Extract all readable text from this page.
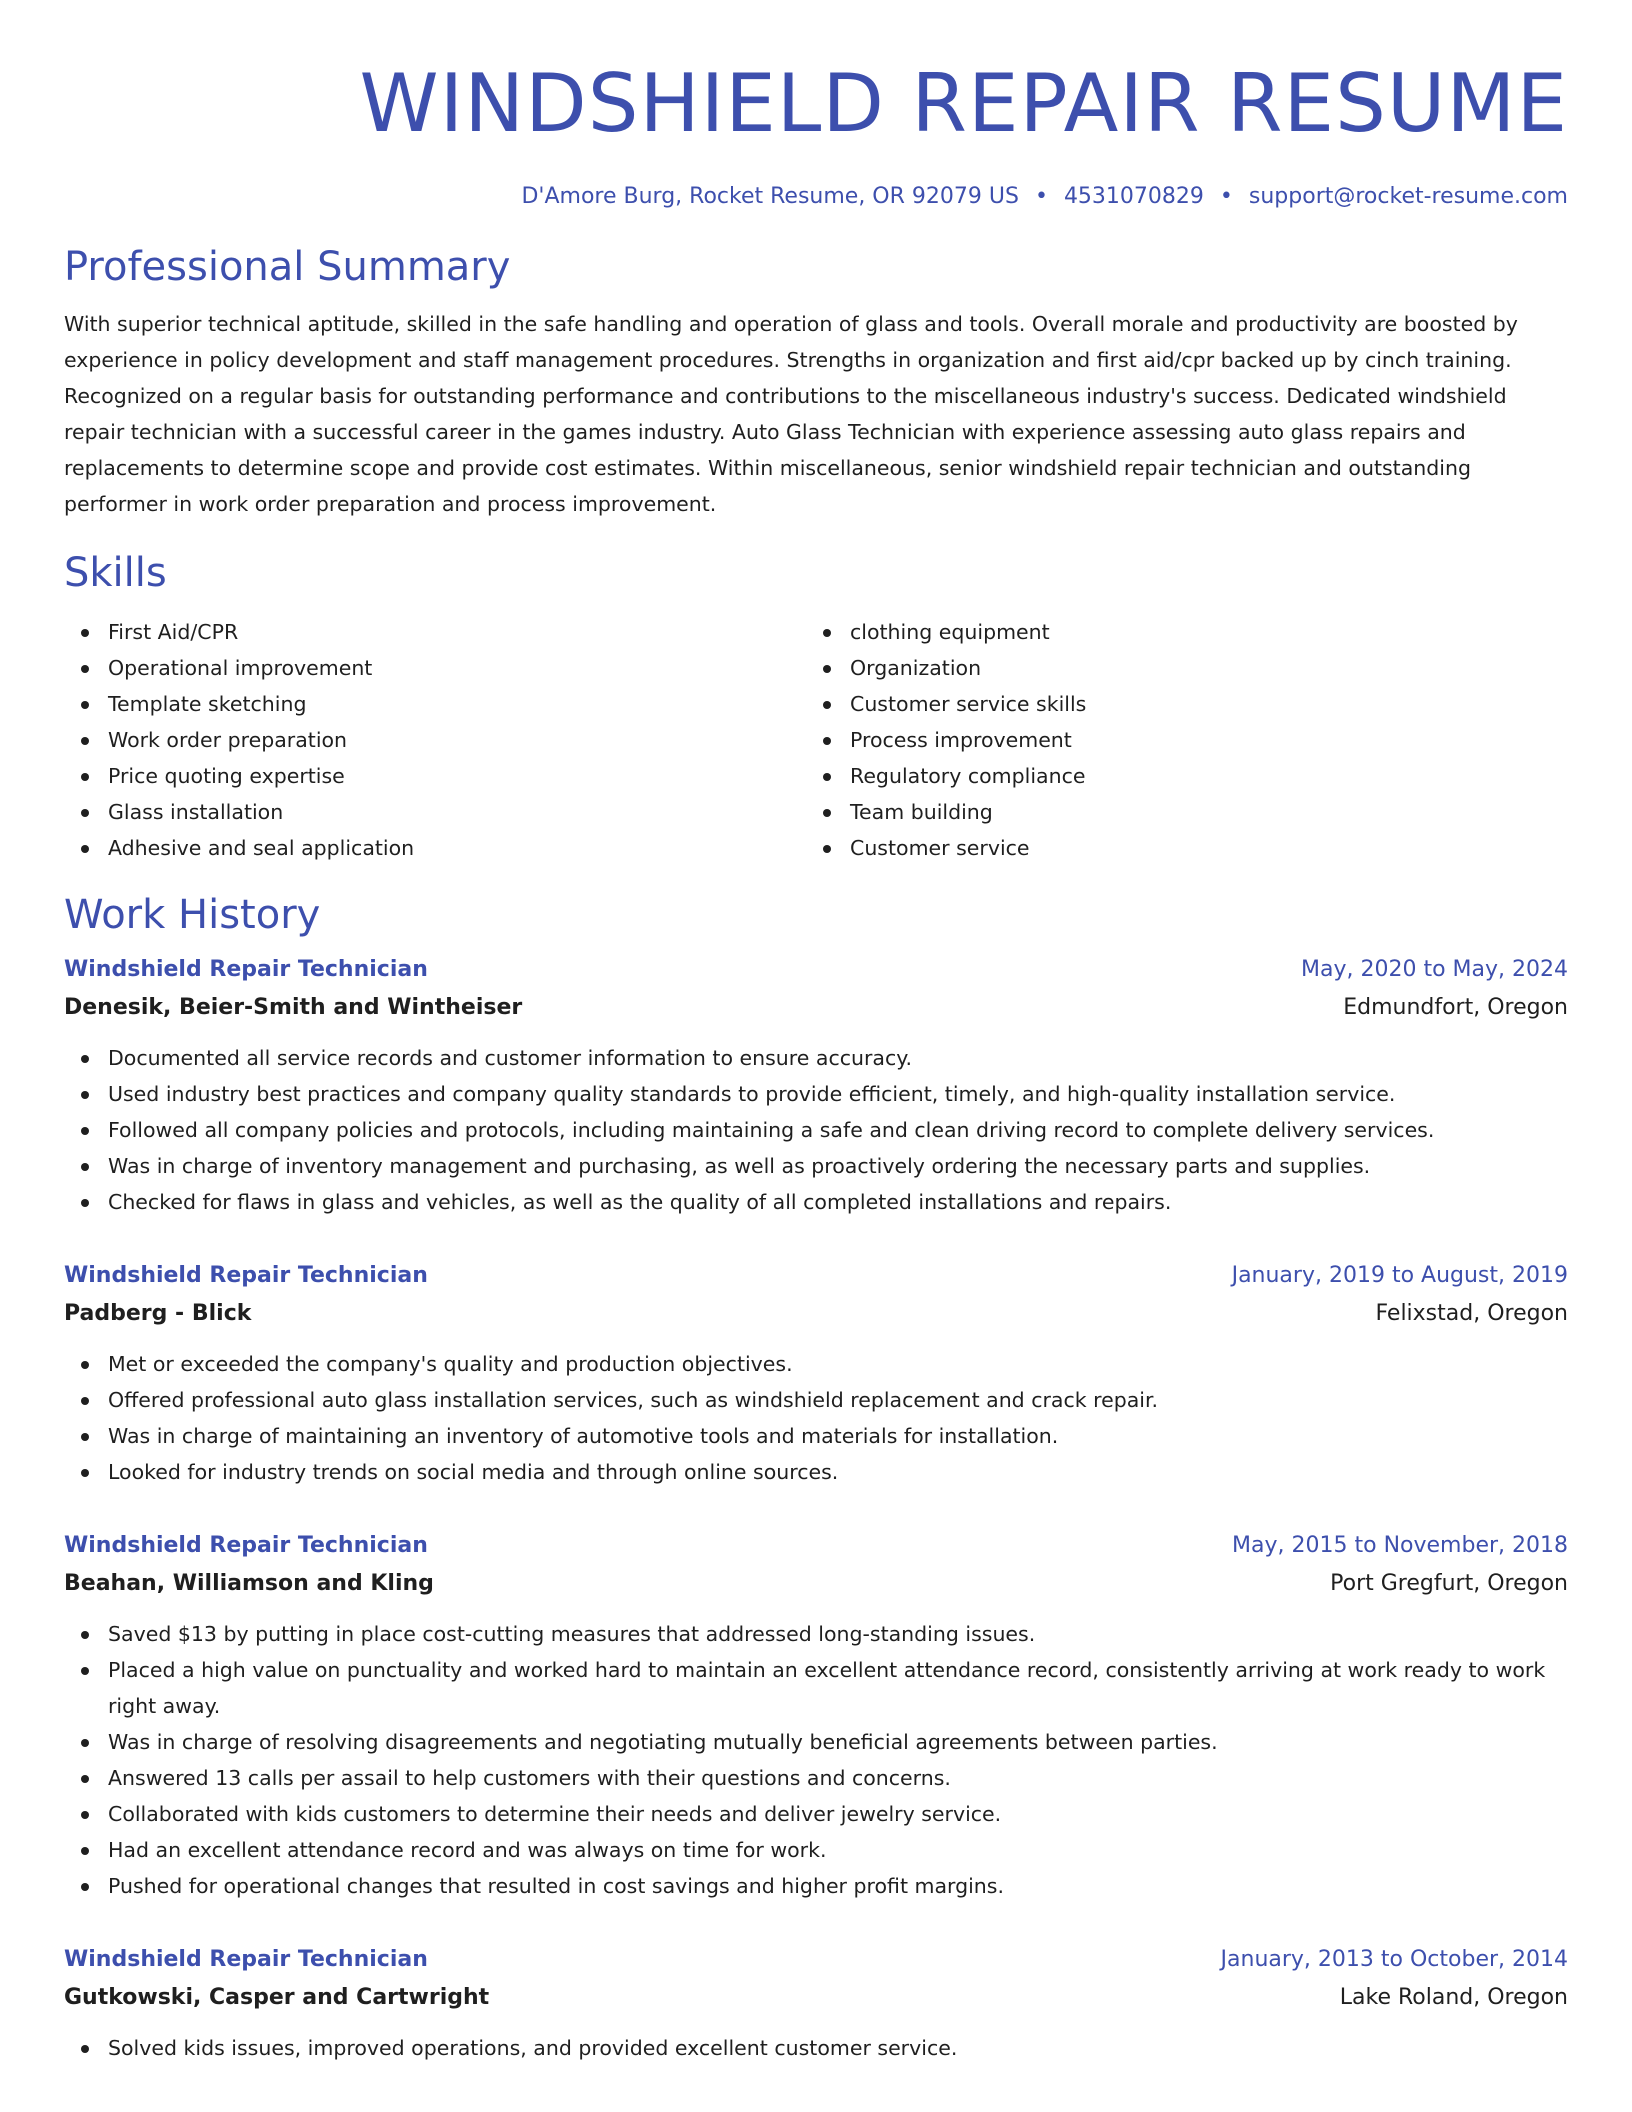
WINDSHIELD REPAIR RESUME
D'Amore Burg, Rocket Resume, OR 92079 US • 4531070829 • support@rocket-resume.com
Professional Summary
With superior technical aptitude, skilled in the safe handling and operation of glass and tools. Overall morale and productivity are boosted by experience in policy development and staff management procedures. Strengths in organization and first aid/cpr backed up by cinch training. Recognized on a regular basis for outstanding performance and contributions to the miscellaneous industry's success. Dedicated windshield repair technician with a successful career in the games industry. Auto Glass Technician with experience assessing auto glass repairs and replacements to determine scope and provide cost estimates. Within miscellaneous, senior windshield repair technician and outstanding performer in work order preparation and process improvement.
Skills
First Aid/CPR
Operational improvement
Template sketching
Work order preparation
Price quoting expertise
Glass installation
Adhesive and seal application
clothing equipment
Organization
Customer service skills
Process improvement
Regulatory compliance
Team building
Customer service
Work History
Windshield Repair Technician	May, 2020 to May, 2024
Denesik, Beier-Smith and Wintheiser	Edmundfort, Oregon
Documented all service records and customer information to ensure accuracy.
Used industry best practices and company quality standards to provide efficient, timely, and high-quality installation service.
Followed all company policies and protocols, including maintaining a safe and clean driving record to complete delivery services.
Was in charge of inventory management and purchasing, as well as proactively ordering the necessary parts and supplies.
Checked for flaws in glass and vehicles, as well as the quality of all completed installations and repairs.
Windshield Repair Technician	January, 2019 to August, 2019
Padberg - Blick	Felixstad, Oregon
Met or exceeded the company's quality and production objectives.
Offered professional auto glass installation services, such as windshield replacement and crack repair.
Was in charge of maintaining an inventory of automotive tools and materials for installation.
Looked for industry trends on social media and through online sources.
Windshield Repair Technician	May, 2015 to November, 2018
Beahan, Williamson and Kling	Port Gregfurt, Oregon
Saved $13 by putting in place cost-cutting measures that addressed long-standing issues.
Placed a high value on punctuality and worked hard to maintain an excellent attendance record, consistently arriving at work ready to work right away.
Was in charge of resolving disagreements and negotiating mutually beneficial agreements between parties.
Answered 13 calls per assail to help customers with their questions and concerns.
Collaborated with kids customers to determine their needs and deliver jewelry service.
Had an excellent attendance record and was always on time for work.
Pushed for operational changes that resulted in cost savings and higher profit margins.
Windshield Repair Technician	January, 2013 to October, 2014
Gutkowski, Casper and Cartwright	Lake Roland, Oregon
Solved kids issues, improved operations, and provided excellent customer service.
